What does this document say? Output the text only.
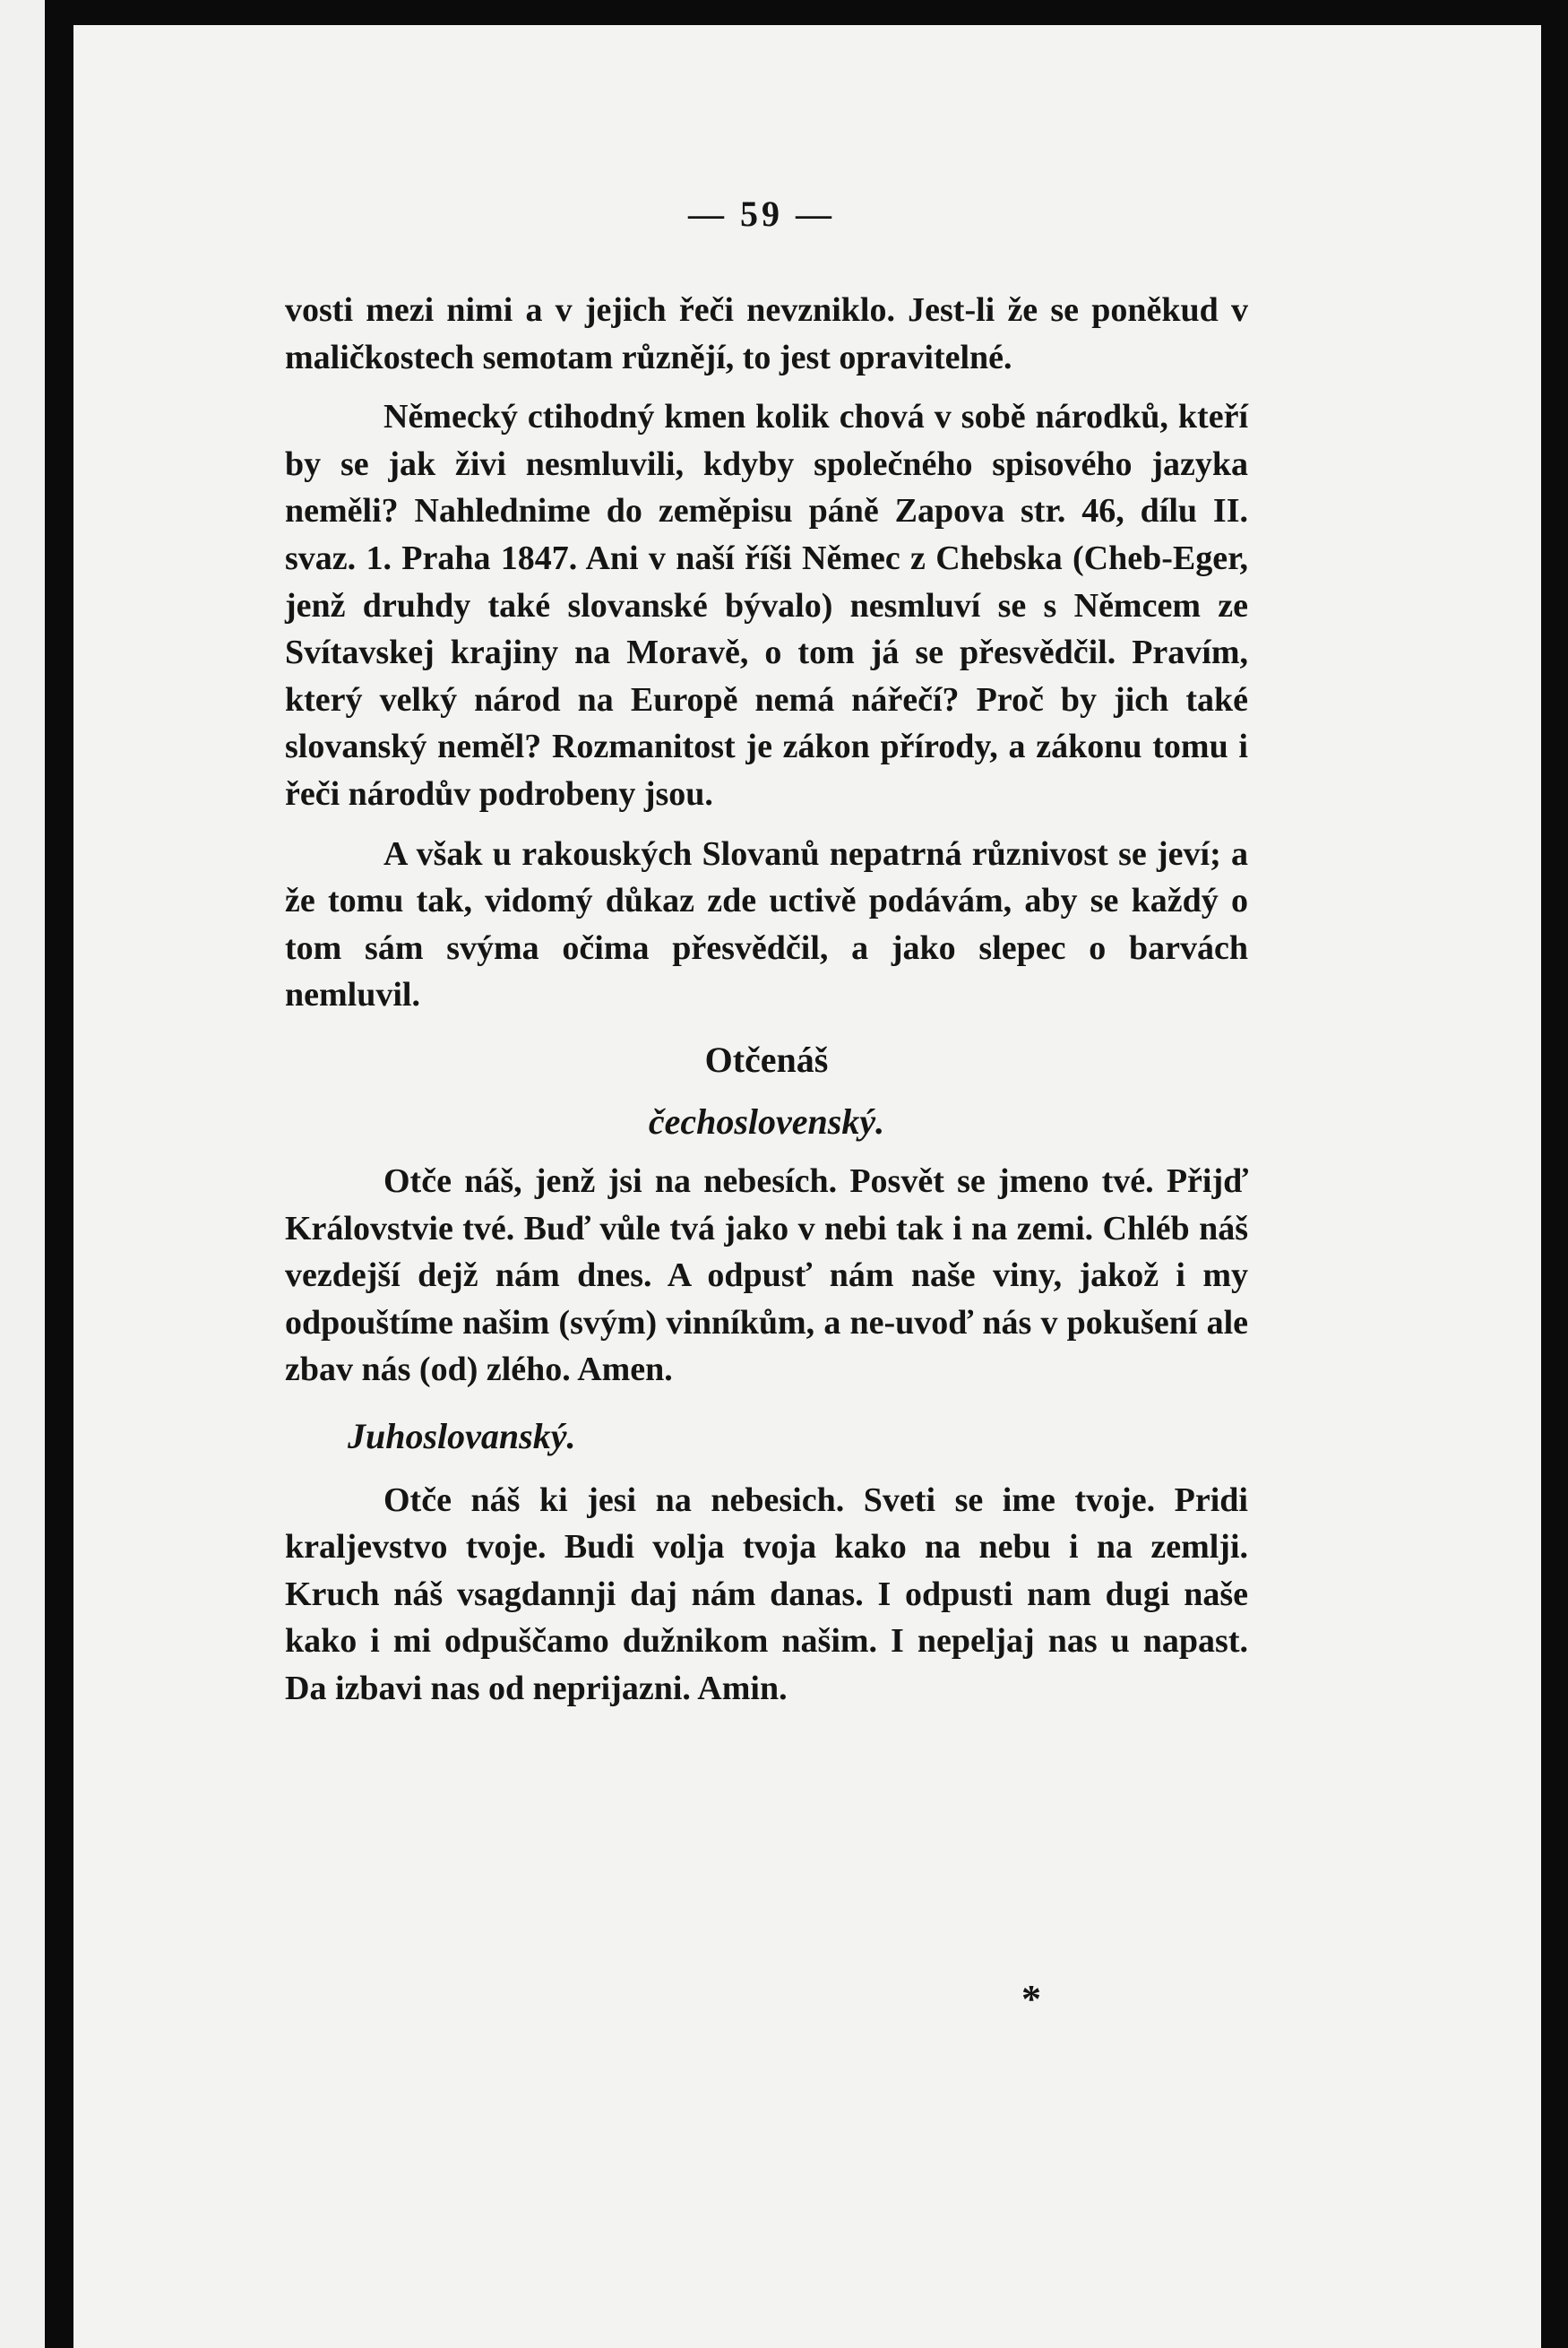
— 59 —

vosti mezi nimi a v jejich řeči nevzniklo. Jest-li že se poněkud v maličkostech semotam různějí, to jest opravitelné.

Německý ctihodný kmen kolik chová v sobě národků, kteří by se jak živi nesmluvili, kdyby společného spisového jazyka neměli? Nahlednime do zeměpisu páně Zapova str. 46, dílu II. svaz. 1. Praha 1847. Ani v naší říši Němec z Chebska (Cheb-Eger, jenž druhdy také slovanské bývalo) nesmluví se s Němcem ze Svítavskej krajiny na Moravě, o tom já se přesvědčil. Pravím, který velký národ na Europě nemá nářečí? Proč by jich také slovanský neměl? Rozmanitost je zákon přírody, a zákonu tomu i řeči národův podrobeny jsou.

A však u rakouských Slovanů nepatrná různivost se jeví; a že tomu tak, vidomý důkaz zde uctivě podávám, aby se každý o tom sám svýma očima přesvědčil, a jako slepec o barvách nemluvil.

Otčenáš
čechoslovenský.

Otče náš, jenž jsi na nebesích. Posvět se jmeno tvé. Přijď Královstvie tvé. Buď vůle tvá jako v nebi tak i na zemi. Chléb náš vezdejší dejž nám dnes. A odpusť nám naše viny, jakož i my odpouštíme našim (svým) vinníkům, a ne-uvoď nás v pokušení ale zbav nás (od) zlého. Amen.

Juhoslovanský.

Otče náš ki jesi na nebesich. Sveti se ime tvoje. Pridi kraljevstvo tvoje. Budi volja tvoja kako na nebu i na zemlji. Kruch náš vsagdannji daj nám danas. I odpusti nam dugi naše kako i mi odpuščamo dužnikom našim. I nepeljaj nas u napast. Da izbavi nas od neprijazni. Amin.

*
